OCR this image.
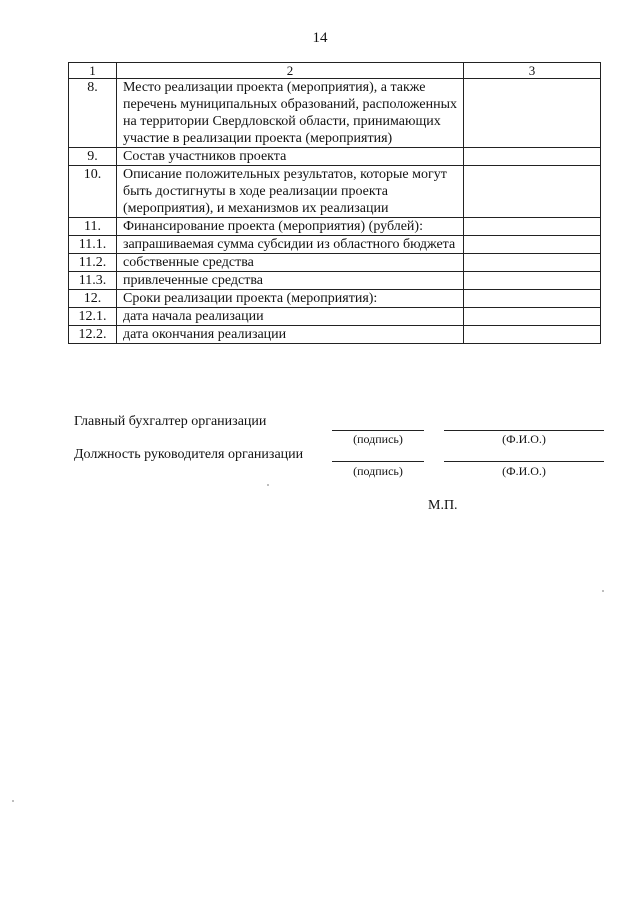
14
1	2	3
8.	Место реализации проекта (мероприятия), а также перечень муниципальных образований, расположенных на территории Свердловской области, принимающих участие в реализации проекта (мероприятия)	
9.	Состав участников проекта	
10.	Описание положительных результатов, которые могут быть достигнуты в ходе реализации проекта (мероприятия), и механизмов их реализации	
11.	Финансирование проекта (мероприятия) (рублей):	
11.1.	запрашиваемая сумма субсидии из областного бюджета	
11.2.	собственные средства	
11.3.	привлеченные средства	
12.	Сроки реализации проекта (мероприятия):	
12.1.	дата начала реализации	
12.2.	дата окончания реализации	
Главный бухгалтер организации
(подпись)	(Ф.И.О.)
Должность руководителя организации
(подпись)	(Ф.И.О.)
М.П.
